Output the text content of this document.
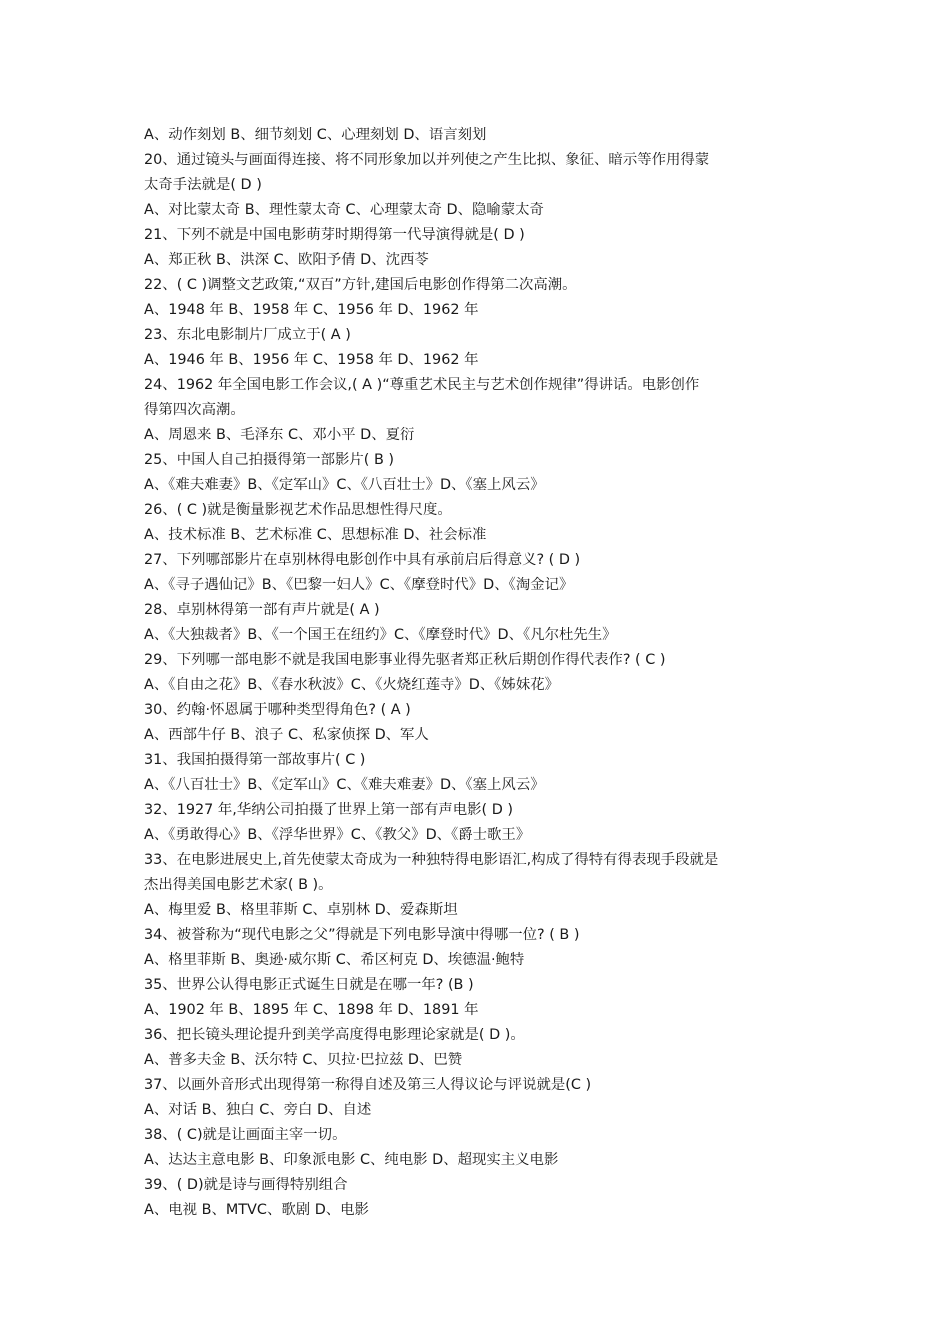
A、动作刻划 B、细节刻划 C、心理刻划 D、语言刻划
20、通过镜头与画面得连接、将不同形象加以并列使之产生比拟、象征、暗示等作用得蒙
太奇手法就是( D )
A、对比蒙太奇 B、理性蒙太奇 C、心理蒙太奇 D、隐喻蒙太奇
21、下列不就是中国电影萌芽时期得第一代导演得就是( D )
A、郑正秋 B、洪深 C、欧阳予倩 D、沈西苓
22、( C )调整文艺政策,“双百”方针,建国后电影创作得第二次高潮。
A、1948 年 B、1958 年 C、1956 年 D、1962 年
23、东北电影制片厂成立于( A )
A、1946 年 B、1956 年 C、1958 年 D、1962 年
24、1962 年全国电影工作会议,( A )“尊重艺术民主与艺术创作规律”得讲话。电影创作
得第四次高潮。
A、周恩来 B、毛泽东 C、邓小平 D、夏衍
25、中国人自己拍摄得第一部影片( B )
A、《难夫难妻》B、《定军山》C、《八百壮士》D、《塞上风云》
26、( C )就是衡量影视艺术作品思想性得尺度。
A、技术标准 B、艺术标准 C、思想标准 D、社会标准
27、下列哪部影片在卓别林得电影创作中具有承前启后得意义? ( D )
A、《寻子遇仙记》B、《巴黎一妇人》C、《摩登时代》D、《淘金记》
28、卓别林得第一部有声片就是( A )
A、《大独裁者》B、《一个国王在纽约》C、《摩登时代》D、《凡尔杜先生》
29、下列哪一部电影不就是我国电影事业得先驱者郑正秋后期创作得代表作? ( C )
A、《自由之花》B、《春水秋波》C、《火烧红莲寺》D、《姊妹花》
30、约翰·怀恩属于哪种类型得角色? ( A )
A、西部牛仔 B、浪子 C、私家侦探 D、军人
31、我国拍摄得第一部故事片( C )
A、《八百壮士》B、《定军山》C、《难夫难妻》D、《塞上风云》
32、1927 年,华纳公司拍摄了世界上第一部有声电影( D )
A、《勇敢得心》B、《浮华世界》C、《教父》D、《爵士歌王》
33、在电影进展史上,首先使蒙太奇成为一种独特得电影语汇,构成了得特有得表现手段就是
杰出得美国电影艺术家( B )。
A、梅里爱 B、格里菲斯 C、卓别林 D、爱森斯坦
34、被誉称为“现代电影之父”得就是下列电影导演中得哪一位? ( B )
A、格里菲斯 B、奥逊·威尔斯 C、希区柯克 D、埃德温·鲍特
35、世界公认得电影正式诞生日就是在哪一年? (B )
A、1902 年 B、1895 年 C、1898 年 D、1891 年
36、把长镜头理论提升到美学高度得电影理论家就是( D )。
A、普多夫金 B、沃尔特 C、贝拉·巴拉兹 D、巴赞
37、以画外音形式出现得第一称得自述及第三人得议论与评说就是(C )
A、对话 B、独白 C、旁白 D、自述
38、( C)就是让画面主宰一切。
A、达达主意电影 B、印象派电影 C、纯电影 D、超现实主义电影
39、( D)就是诗与画得特别组合
A、电视 B、MTVC、歌剧 D、电影
